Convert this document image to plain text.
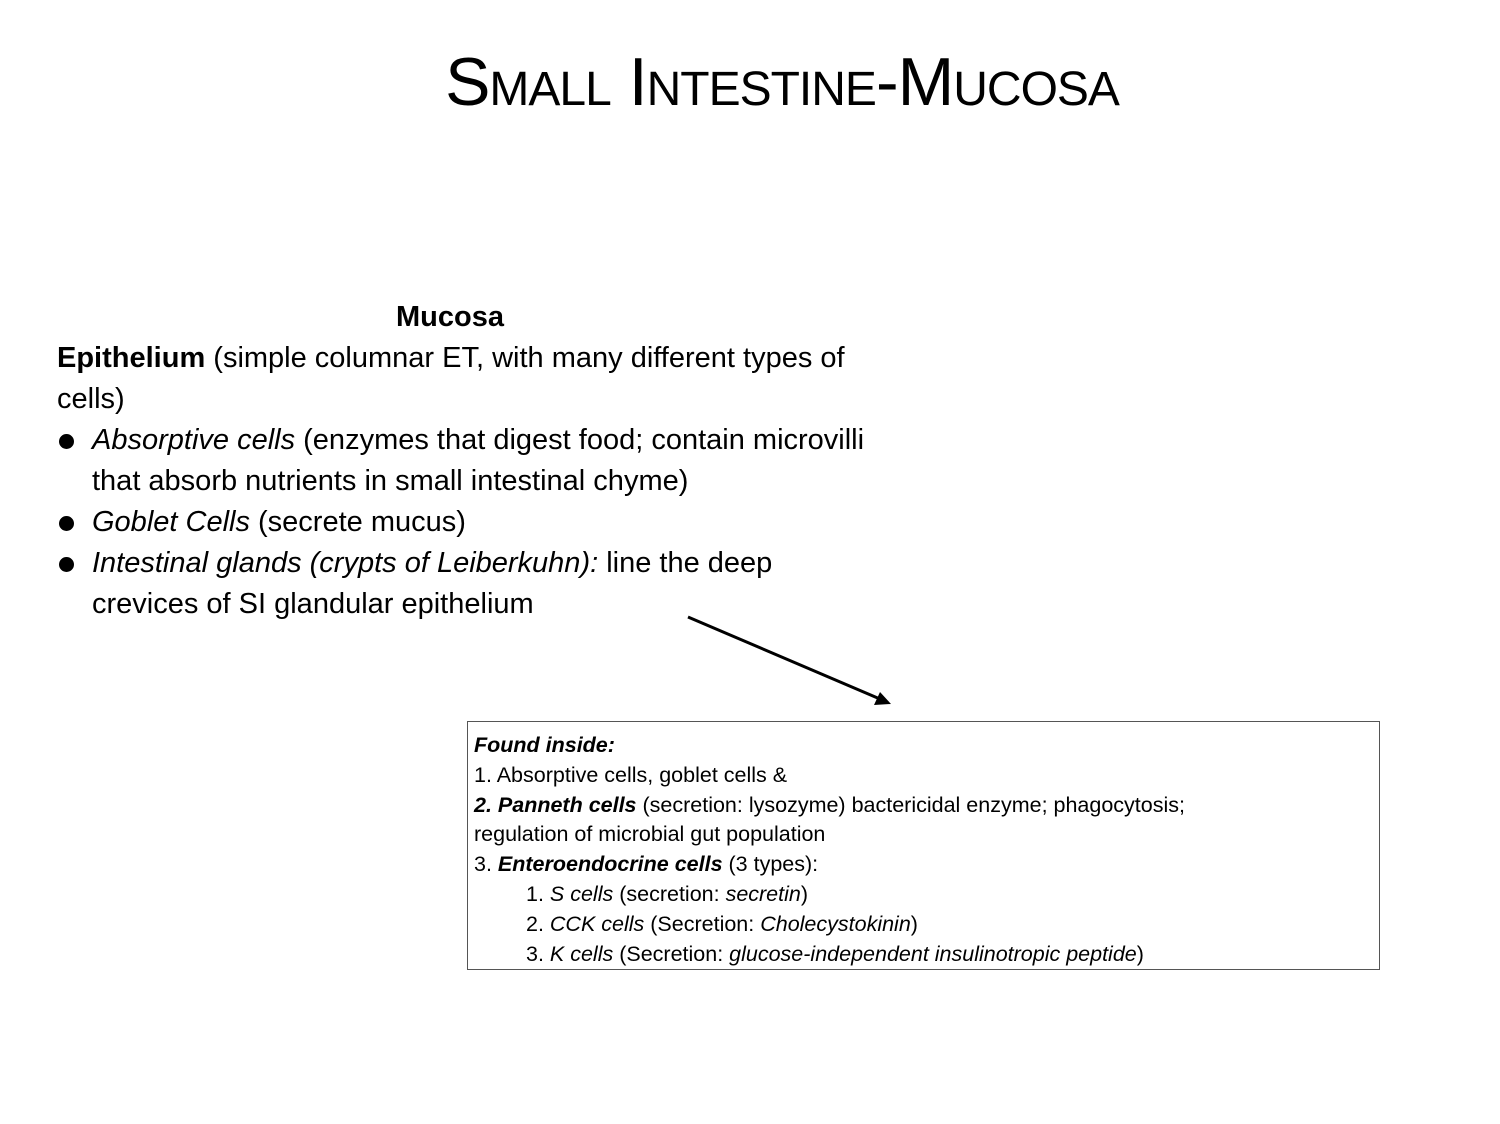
Small Intestine-Mucosa
Mucosa

Epithelium (simple columnar ET, with many different types of cells)

Absorptive cells (enzymes that digest food; contain microvilli that absorb nutrients in small intestinal chyme)
Goblet Cells (secrete mucus)
Intestinal glands (crypts of Leiberkuhn): line the deep crevices of SI glandular epithelium
Found inside:
1. Absorptive cells, goblet cells &
2. Panneth cells (secretion: lysozyme) bactericidal enzyme; phagocytosis;
regulation of microbial gut population
3. Enteroendocrine cells (3 types):
1. S cells (secretion: secretin)
2. CCK cells (Secretion: Cholecystokinin)
3. K cells (Secretion: glucose-independent insulinotropic peptide)
